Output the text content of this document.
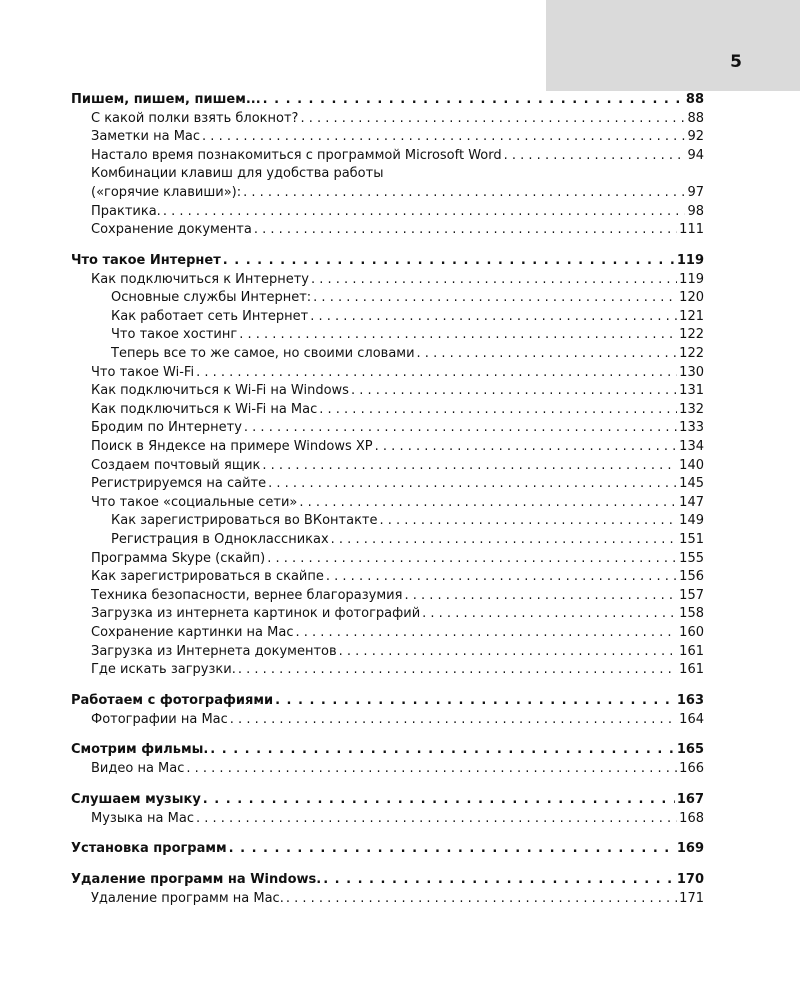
5
Пишем, пишем, пишем... . . .	88
С какой полки взять блокнот? . . .	88
Заметки на Mac . . .	92
Настало время познакомиться с программой Microsoft Word . . .	94
Комбинации клавиш для удобства работы
(«горячие клавиши»): . . .	97
Практика. . . .	98
Сохранение документа . . .	111
Что такое Интернет . . .	119
Как подключиться к Интернету . . .	119
Основные службы Интернет: . . .	120
Как работает сеть Интернет . . .	121
Что такое хостинг . . .	122
Теперь все то же самое, но своими словами . . .	122
Что такое Wi-Fi . . .	130
Как подключиться к Wi-Fi на Windows . . .	131
Как подключиться к Wi-Fi на Mac . . .	132
Бродим по Интернету . . .	133
Поиск в Яндексе на примере Windows XP . . .	134
Создаем почтовый ящик . . .	140
Регистрируемся на сайте . . .	145
Что такое «социальные сети» . . .	147
Как зарегистрироваться во ВКонтакте . . .	149
Регистрация в Одноклассниках . . .	151
Программа Skype (скайп) . . .	155
Как зарегистрироваться в скайпе . . .	156
Техника безопасности, вернее благоразумия . . .	157
Загрузка из интернета картинок и фотографий . . .	158
Сохранение картинки на Mac . . .	160
Загрузка из Интернета документов . . .	161
Где искать загрузки. . . .	161
Работаем с фотографиями . . .	163
Фотографии на Mac . . .	164
Смотрим фильмы. . . .	165
Видео на Mac . . .	166
Слушаем музыку . . .	167
Музыка на Mac . . .	168
Установка программ . . .	169
Удаление программ на Windows. . . .	170
Удаление программ на Mac. . . .	171
